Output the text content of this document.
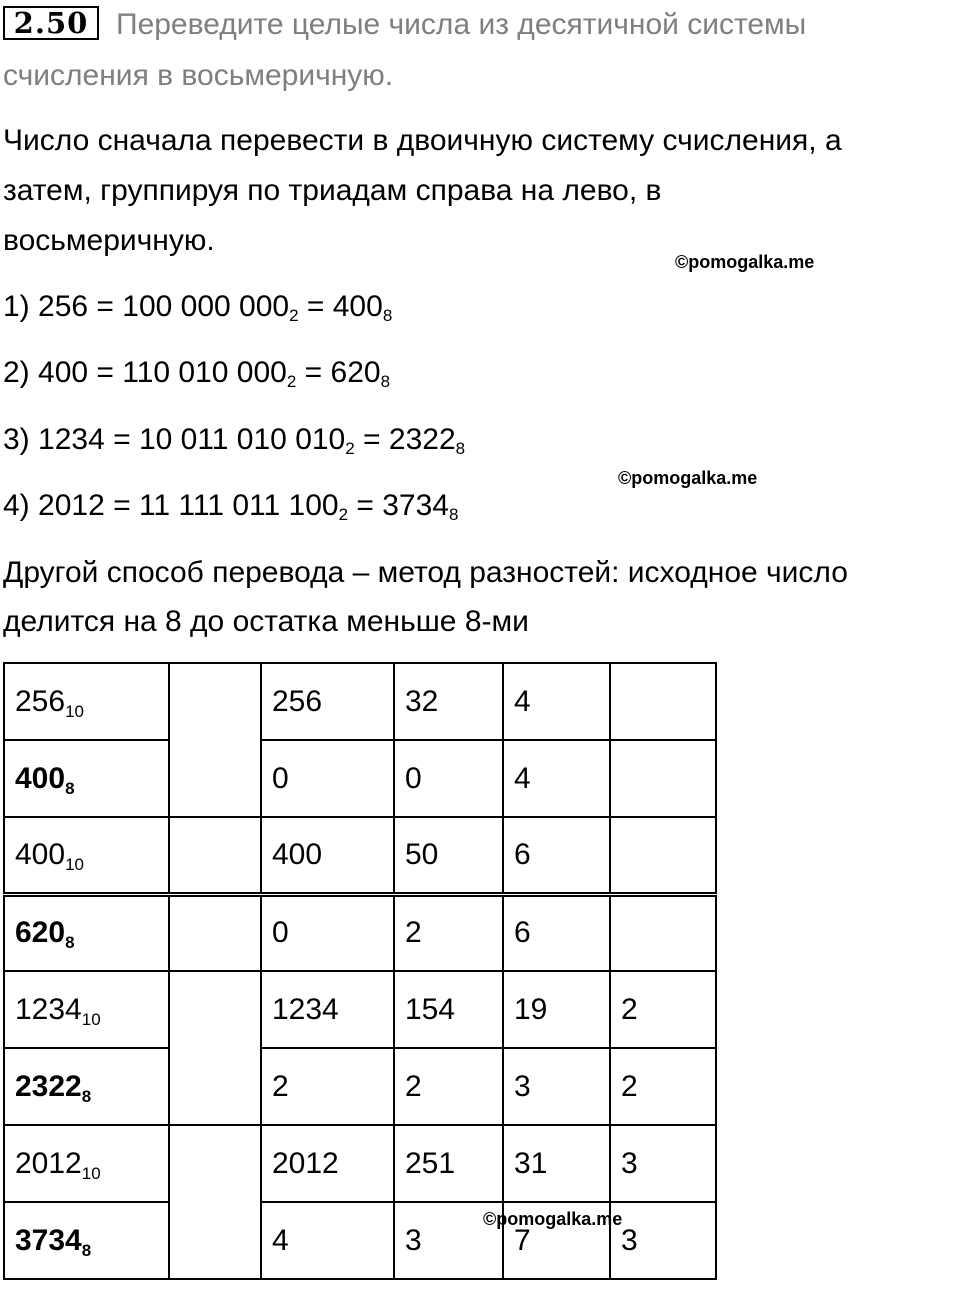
2.50 Переведите целые числа из десятичной системы
счисления в восьмеричную.
Число сначала перевести в двоичную систему счисления, а
затем, группируя по триадам справа на лево, в
восьмеричную.
©pomogalka.me
1) 256 = 100 000 $000_2 = 400_8$
2) 400 = 110 010 $000_2 = 620_8$
3) 1234 = 10 011 010 $010_2 = 2322_8$
©pomogalka.me
4) 2012 = 11 111 011 $100_2 = 3734_8$
Другой способ перевода – метод разностей: исходное число
делится на 8 до остатка меньше 8-ми
$256_{10}$		256	32	4	
$400_8$		0	0	4	
$400_{10}$		400	50	6	
$620_8$		0	2	6	
$1234_{10}$		1234	154	19	2
$2322_8$		2	2	3	2
$2012_{10}$		2012	251	31	3
$3734_8$		4	3	7	3
©pomogalka.me
